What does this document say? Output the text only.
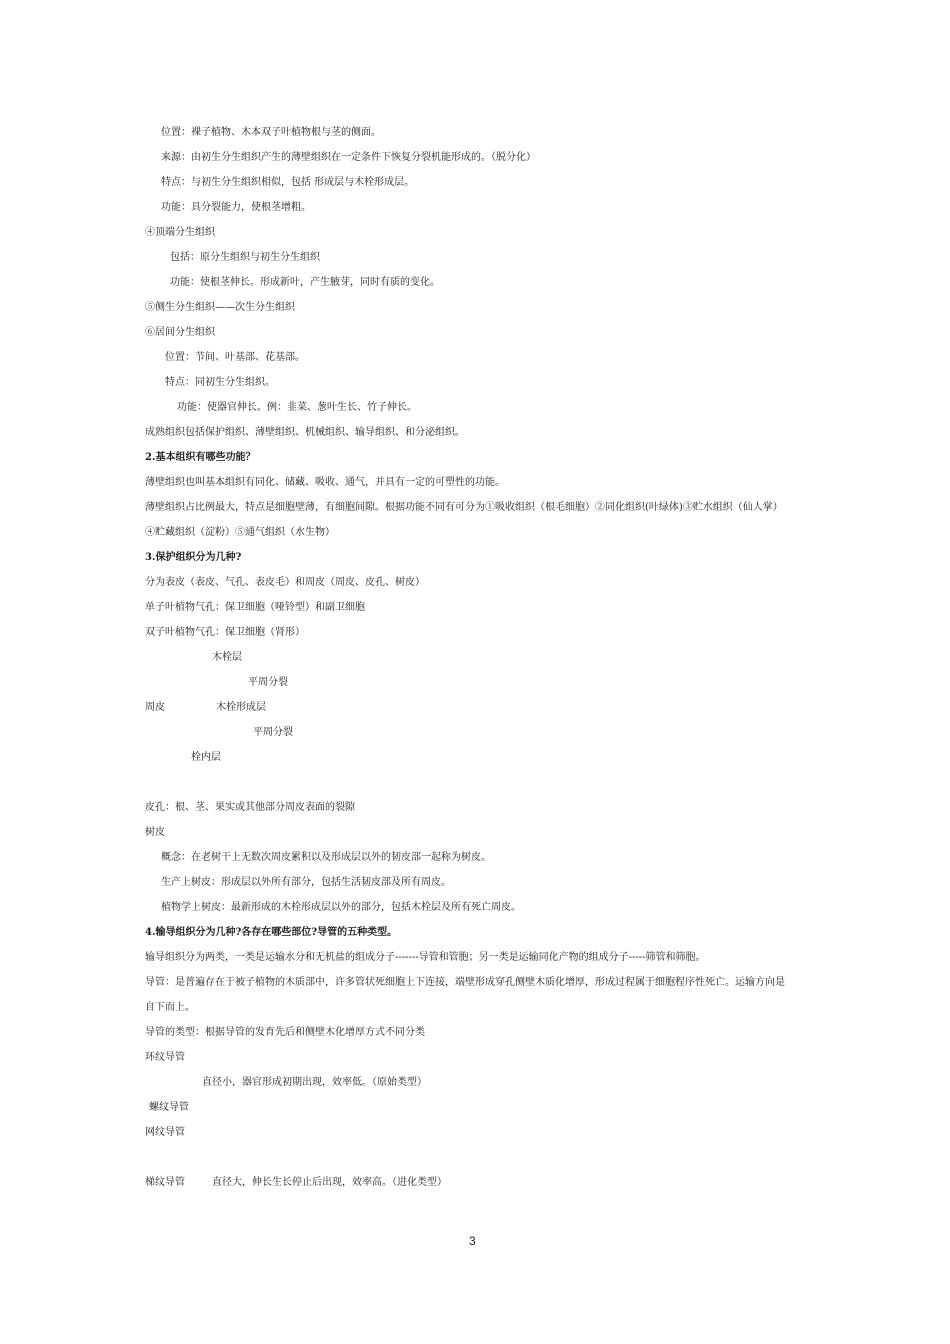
位置：裸子植物、木本双子叶植物根与茎的侧面。
来源：由初生分生组织产生的薄壁组织在一定条件下恢复分裂机能形成的。（脱分化）
特点：与初生分生组织相似，包括 形成层与木栓形成层。
功能：具分裂能力，使根茎增粗。
④顶端分生组织
包括：原分生组织与初生分生组织
功能：使根茎伸长。形成新叶，产生腋芽，同时有质的变化。
⑤侧生分生组织——次生分生组织
⑥居间分生组织
位置：节间、叶基部、花基部。
特点：同初生分生组织。
功能：使器官伸长。例：韭菜、葱叶生长、竹子伸长。
成熟组织包括保护组织、薄壁组织、机械组织、输导组织、和分泌组织。
2.基本组织有哪些功能？
薄壁组织也叫基本组织有同化、储藏、吸收、通气，并具有一定的可塑性的功能。
薄壁组织占比例最大，特点是细胞壁薄，有细胞间隙。根据功能不同有可分为①吸收组织（根毛细胞）②同化组织(叶绿体)③贮水组织（仙人掌）
④贮藏组织（淀粉）⑤通气组织（水生物）
3.保护组织分为几种?
分为表皮（表皮、气孔、表皮毛）和周皮（周皮、皮孔、树皮）
单子叶植物气孔：保卫细胞（哑铃型）和副卫细胞
双子叶植物气孔：保卫细胞（肾形）
木栓层
平周分裂
周皮	木栓形成层
平周分裂
栓内层
皮孔：根、茎、果实或其他部分周皮表面的裂隙
树皮
概念：在老树干上无数次周皮累积以及形成层以外的韧皮部一起称为树皮。
生产上树皮：形成层以外所有部分，包括生活韧皮部及所有周皮。
植物学上树皮：最新形成的木栓形成层以外的部分，包括木栓层及所有死亡周皮。
4.输导组织分为几种?各存在哪些部位?导管的五种类型。
输导组织分为两类，一类是运输水分和无机盐的组成分子-------导管和管胞；另一类是运输同化产物的组成分子-----筛管和筛胞。
导管：是普遍存在于被子植物的木质部中，许多管状死细胞上下连接，端壁形成穿孔侧壁木质化增厚，形成过程属于细胞程序性死亡。运输方向是
自下而上。
导管的类型：根据导管的发育先后和侧壁木化增厚方式不同分类
环纹导管
直径小，器官形成初期出现，效率低。（原始类型）
螺纹导管
网纹导管
梯纹导管	直径大，伸长生长停止后出现，效率高。（进化类型）
3
